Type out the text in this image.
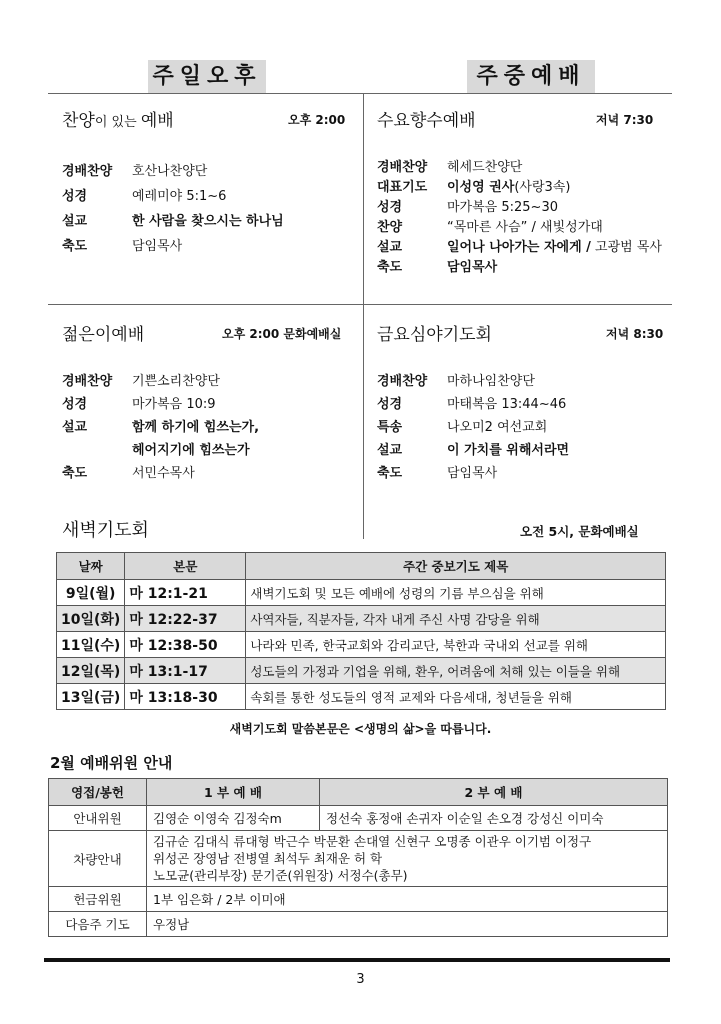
주일오후	주중예배
찬양이 있는 예배	오후 2:00
경배찬양 호산나찬양단
성경	예레미야 5:1~6
설교	한 사람을 찾으시는 하나님
축도	담임목사
수요향수예배	저녁 7:30
경배찬양 헤세드찬양단
대표기도 이성영 권사(사랑3속)
성경	마가복음 5:25~30
찬양	“목마른 사슴” / 새빛성가대
설교	일어나 나아가는 자에게 / 고광범 목사
축도	담임목사
젊은이예배	오후 2:00 문화예배실
경배찬양 기쁜소리찬양단
성경	마가복음 10:9
설교	함께 하기에 힘쓰는가,
헤어지기에 힘쓰는가
축도	서민수목사
금요심야기도회	저녁 8:30
경배찬양 마하나임찬양단
성경	마태복음 13:44~46
특송	나오미2 여선교회
설교	이 가치를 위해서라면
축도	담임목사
새벽기도회	오전 5시, 문화예배실
날짜	본문	주간 중보기도 제목
9일(월)	마 12:1-21	새벽기도회 및 모든 예배에 성령의 기름 부으심을 위해
10일(화)	마 12:22-37	사역자들, 직분자들, 각자 내게 주신 사명 감당을 위해
11일(수)	마 12:38-50	나라와 민족, 한국교회와 감리교단, 북한과 국내외 선교를 위해
12일(목)	마 13:1-17	성도들의 가정과 기업을 위해, 환우, 어려움에 처해 있는 이들을 위해
13일(금)	마 13:18-30	속회를 통한 성도들의 영적 교제와 다음세대, 청년들을 위해
새벽기도회 말씀본문은 <생명의 삶>을 따릅니다.
2월 예배위원 안내
영접/봉헌	1 부 예 배	2 부 예 배
안내위원	김영순 이영숙 김정숙m	정선숙 홍정애 손귀자 이순일 손오경 강성신 이미숙
차량안내	김규순 김대식 류대형 박근수 박문환 손대열 신현구 오명종 이관우 이기범 이정구
위성곤 장영남 전병열 최석두 최재운 허 학
노모균(관리부장) 문기준(위원장) 서정수(총무)	

헌금위원	1부 임은화 / 2부 이미애	
다음주 기도	우정남	
3
